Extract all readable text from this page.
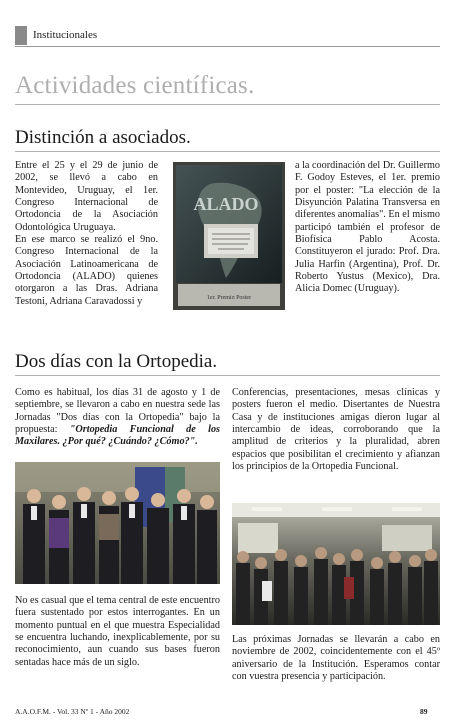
Institucionales
Actividades científicas.
Distinción a asociados.

Entre el 25 y el 29 de junio de 2002, se llevó a cabo en Montevideo, Uruguay, el 1er. Congreso Internacional de Ortodoncia de la Asociación Odontológica Uruguaya.

En ese marco se realizó el 9no. Congreso Internacional de la Asociación Latinoamericana de Ortodoncia (ALADO) quienes otorgaron a las Dras. Adriana Testoni, Adriana Caravadossi y

ALADO
1er. Premio Poster

a la coordinación del Dr. Guillermo F. Godoy Esteves, el 1er. premio por el poster: "La elección de la Disyunción Palatina Transversa en diferentes anomalías". En el mismo participó también el profesor de Biofísica Pablo Acosta. Constituyeron el jurado: Prof. Dra. Julia Harfin (Argentina), Prof. Dr. Roberto Yustus (Mexico), Dra. Alicia Domec (Uruguay).

Dos días con la Ortopedia.

Como es habitual, los días 31 de agosto y 1 de septiembre, se llevaron a cabo en nuestra sede las Jornadas "Dos días con la Ortopedia" bajo la propuesta: "Ortopedia Funcional de los Maxilares. ¿Por qué? ¿Cuándo? ¿Cómo?".

No es casual que el tema central de este encuentro fuera sustentado por estos interrogantes. En un momento puntual en el que muestra Especialidad se encuentra luchando, inexplicablemente, por su reconocimiento, aun cuando sus bases fueron sentadas hace más de un siglo.

Conferencias, presentaciones, mesas clínicas y posters fueron el medio. Disertantes de Nuestra Casa y de instituciones amigas dieron lugar al intercambio de ideas, corroborando que la amplitud de criterios y la pluralidad, abren espacios que posibilitan el crecimiento y afianzan los principios de la Ortopedia Funcional.

Las próximas Jornadas se llevarán a cabo en noviembre de 2002, coincidentemente con el 45º aniversario de la Institución. Esperamos contar con vuestra presencia y participación.

A.A.O.F.M. - Vol. 33 Nº 1 - Año 2002	89
